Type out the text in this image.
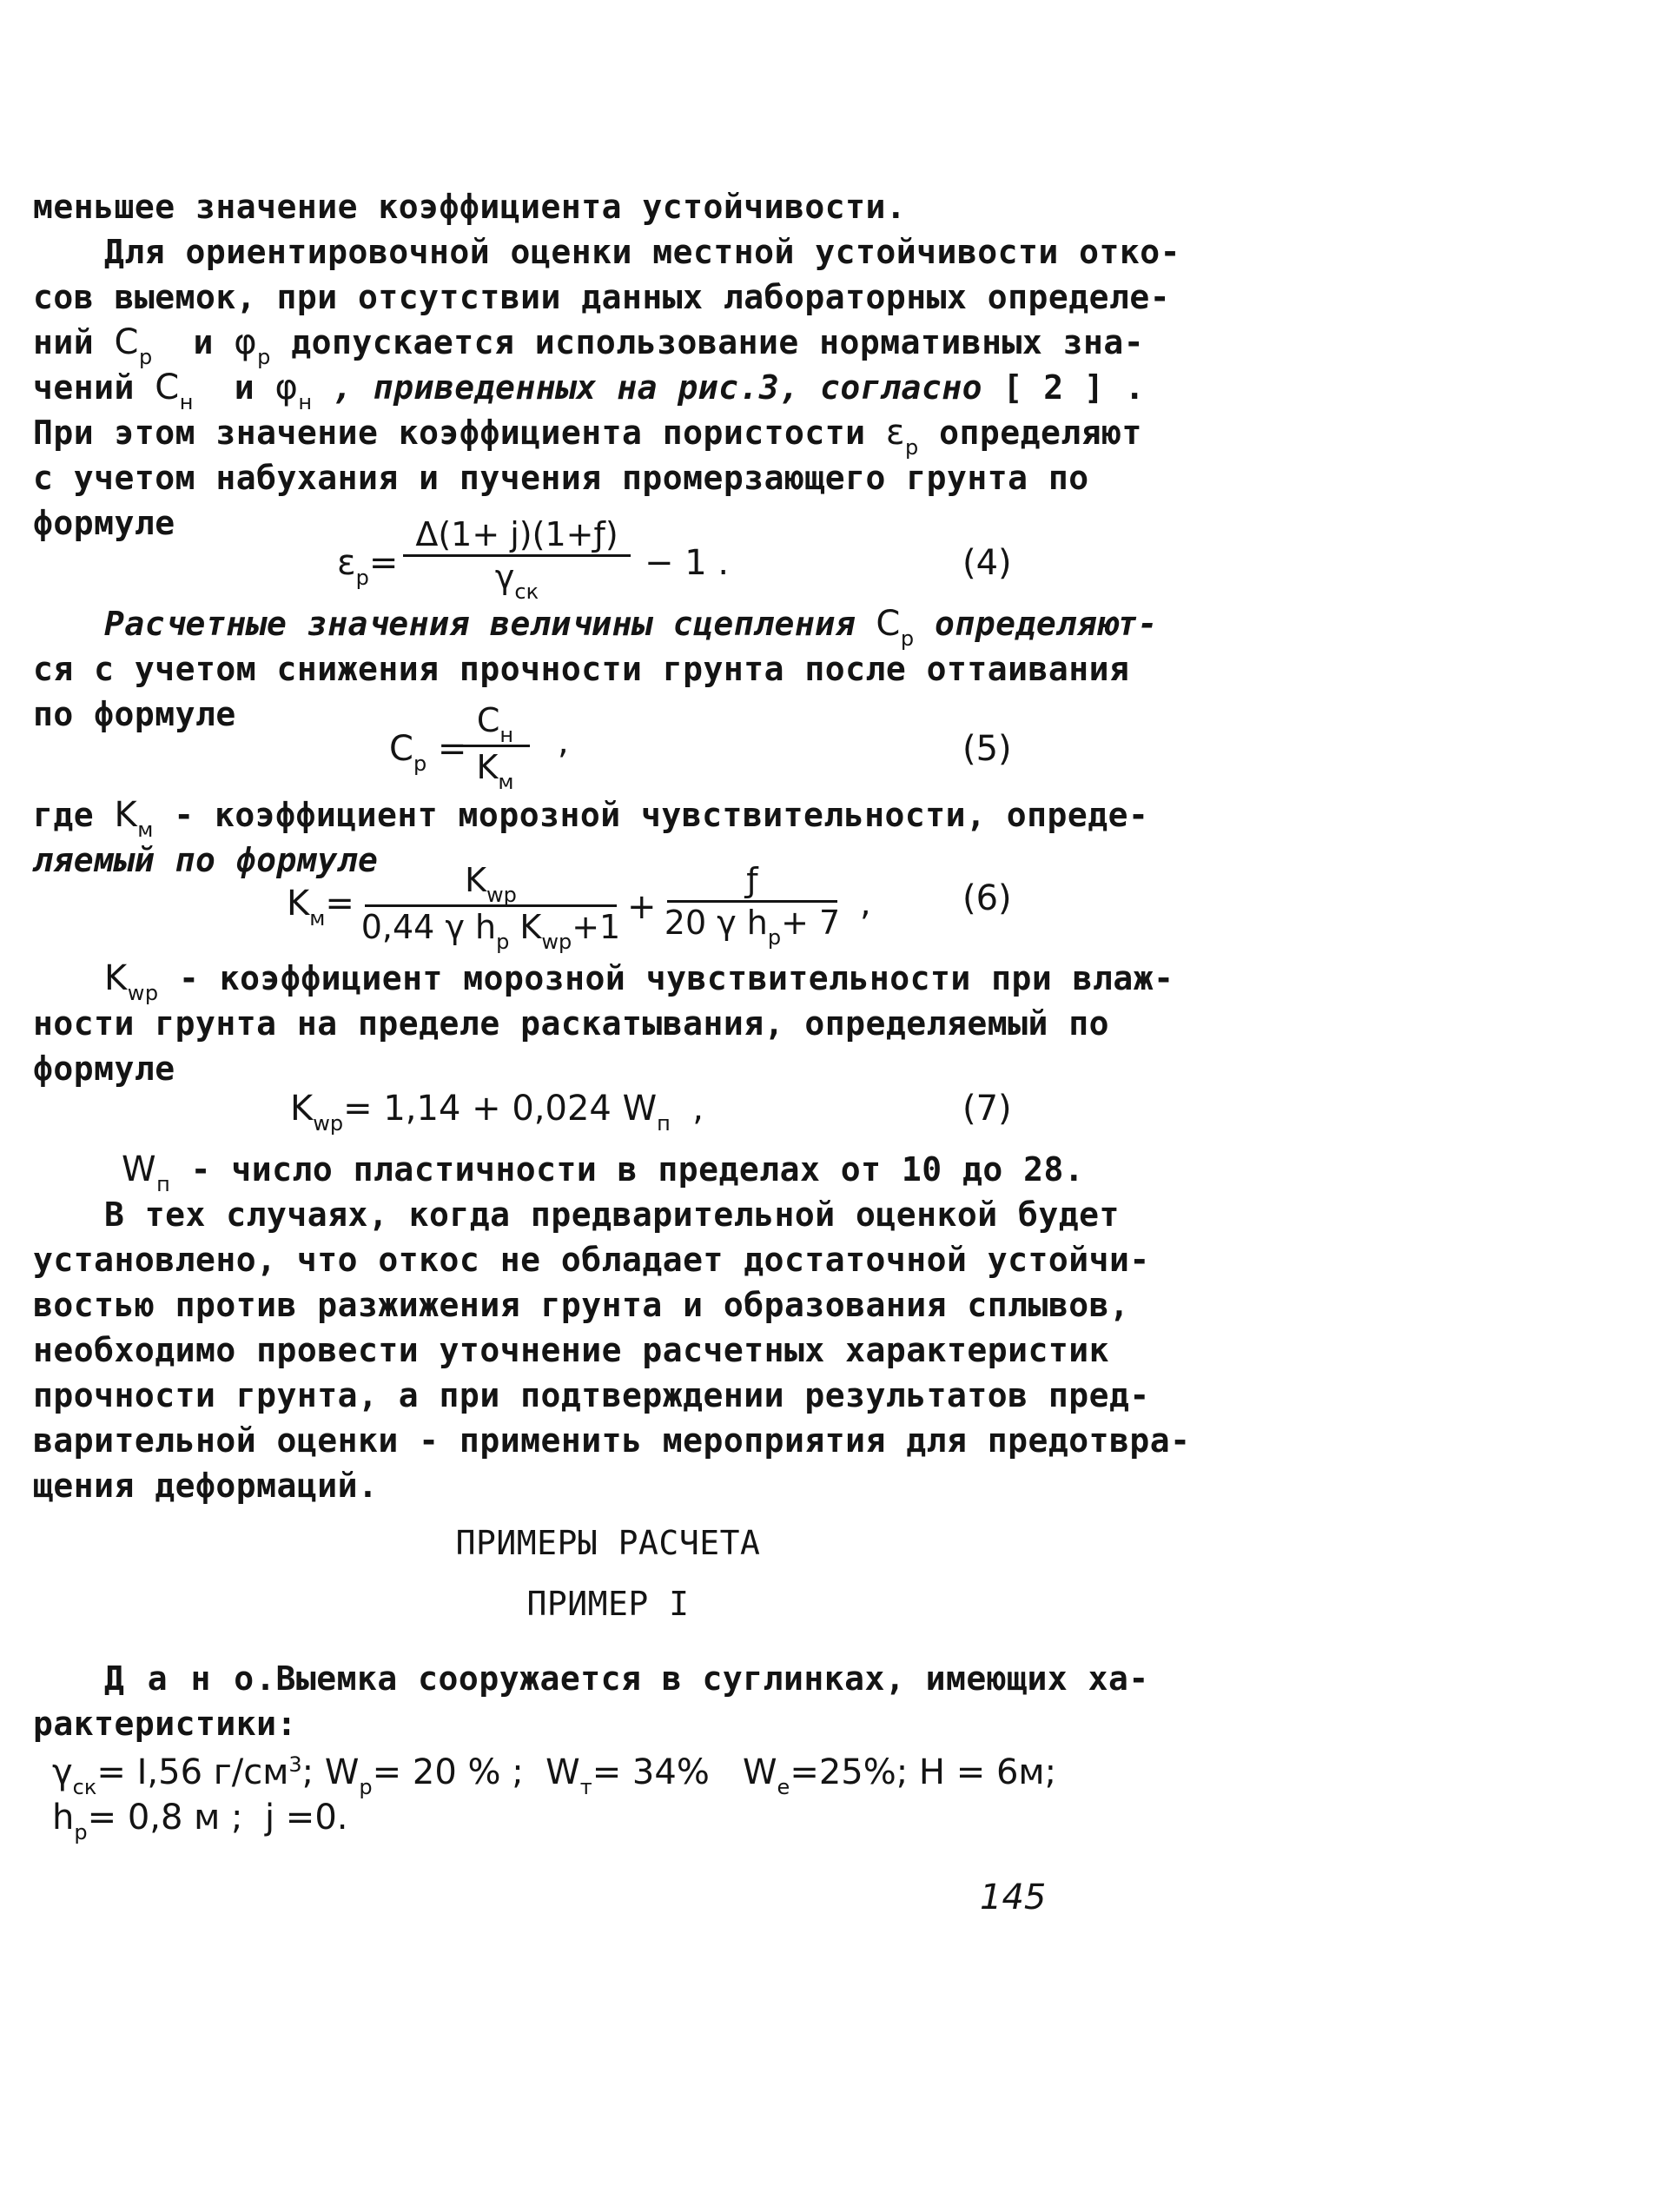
меньшее значение коэффициента устойчивости.
Для ориентировочной оценки местной устойчивости отко-
сов выемок, при отсутствии данных лабораторных определе-
ний $C_р$ и $\varphi_р$ допускается использование нормативных зна-
чений $C_н$ и $\varphi_н$ , приведенных на рис.3, согласно [ 2 ] .
При этом значение коэффициента пористости $\varepsilon_р$ определяют
с учетом набухания и пучения промерзающего грунта по
формуле
$\varepsilon_р=$
Δ(1+ j)(1+ƒ)
$\gamma_{ск}$
− 1 .	(4)
Расчетные значения величины сцепления $C_р$ определяют-
ся с учетом снижения прочности грунта после оттаивания
по формуле
$C_р$ =
$C_н$
$K_м$
,	(5)
где $K_м$ - коэффициент морозной чувствительности, опреде-
ляемый по формуле
$K_м=$
$K_{wр}$
0,44 γ $h_р$ $K_{wр}+1$ +
ƒ
20 γ $h_р+ 7$ ,	(6)
$K_{wр}$ - коэффициент морозной чувствительности при влаж-
ности грунта на пределе раскатывания, определяемый по
формуле
$K_{wр}= 1,14 + 0,024$ $W_п$ ,	(7)
$W_п$ - число пластичности в пределах от 10 до 28.
В тех случаях, когда предварительной оценкой будет
установлено, что откос не обладает достаточной устойчи-
востью против разжижения грунта и образования сплывов,
необходимо провести уточнение расчетных характеристик
прочности грунта, а при подтверждении результатов пред-
варительной оценки - применить мероприятия для предотвра-
щения деформаций.
ПРИМЕРЫ РАСЧЕТА
ПРИМЕР I
Д а н о.Выемка сооружается в суглинках, имеющих ха-
рактеристики:
$\gamma_{ск}= I,56$ $г/см^3$; $W_р= 20$ % ; $W_т= 34\%$ $W_е=25\%$; H = 6м;
$h_р= 0,8$ м ; j =0.
145
